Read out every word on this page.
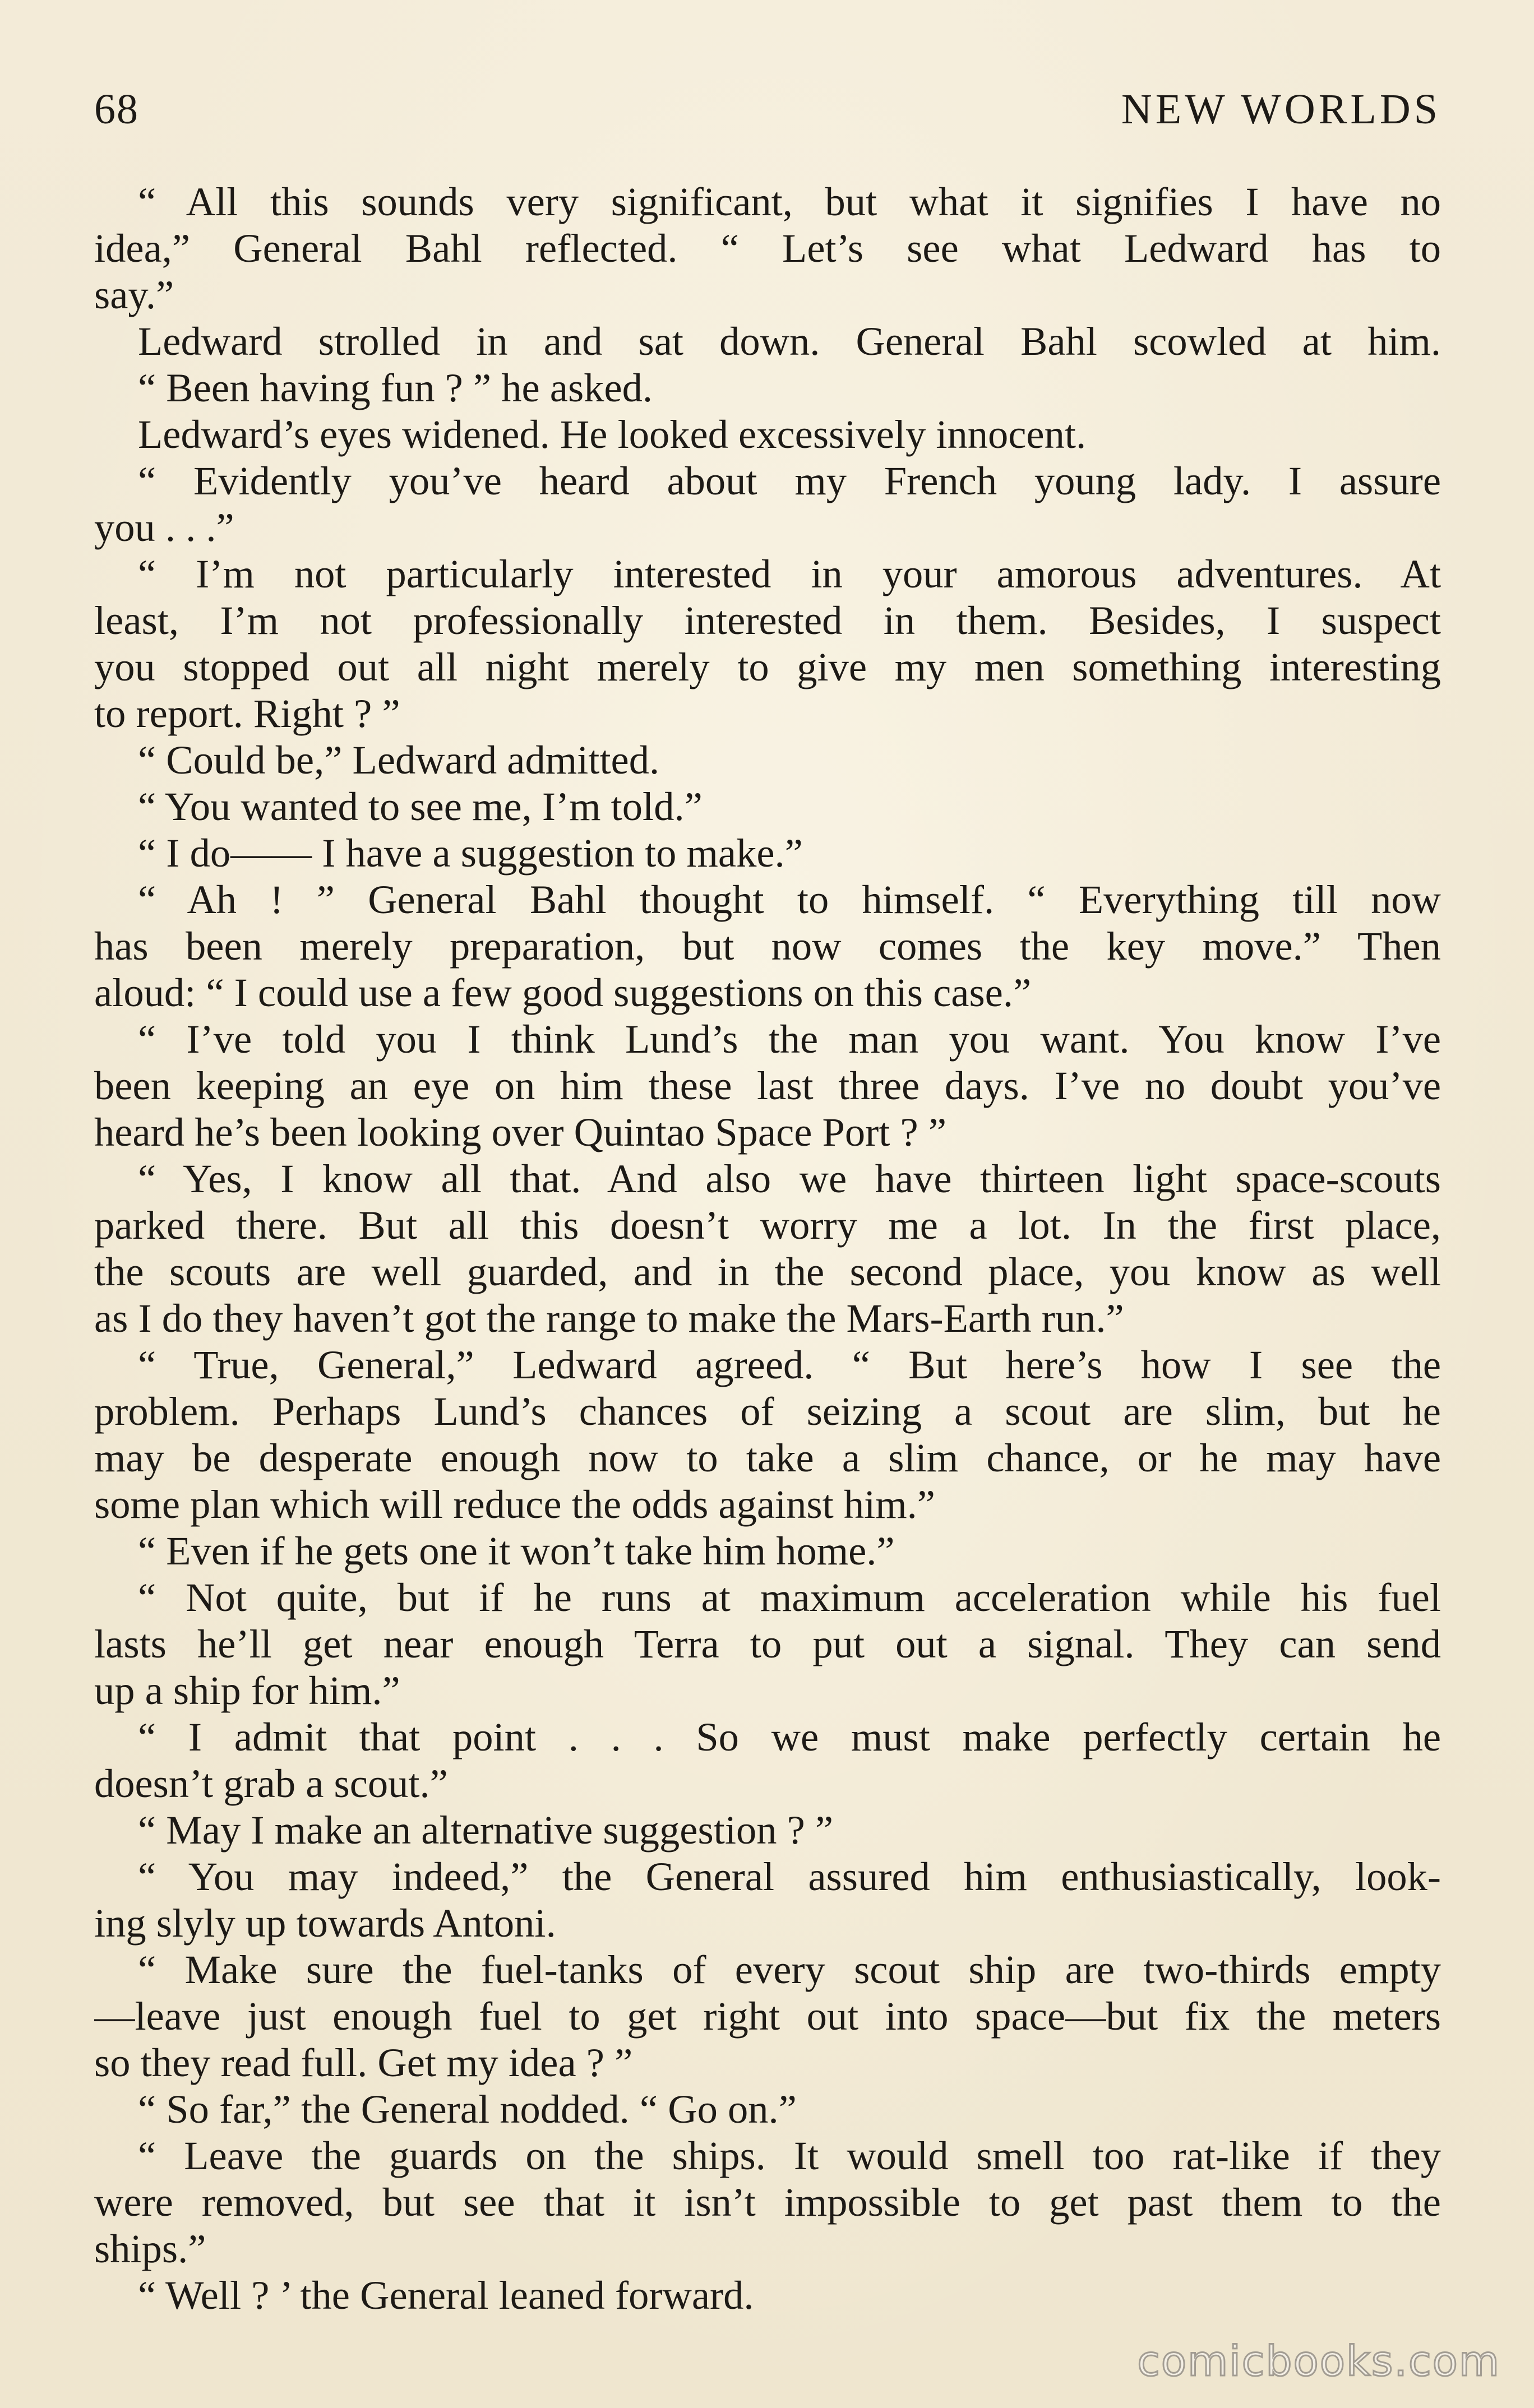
68	NEW WORLDS
“ All this sounds very significant, but what it signifies I have no
idea,” General Bahl reflected. “ Let’s see what Ledward has to
say.”
Ledward strolled in and sat down. General Bahl scowled at him.
“ Been having fun ? ” he asked.
Ledward’s eyes widened. He looked excessively innocent.
“ Evidently you’ve heard about my French young lady. I assure
you . . .”
“ I’m not particularly interested in your amorous adventures. At
least, I’m not professionally interested in them. Besides, I suspect
you stopped out all night merely to give my men something interesting
to report. Right ? ”
“ Could be,” Ledward admitted.
“ You wanted to see me, I’m told.”
“ I do—— I have a suggestion to make.”
“ Ah ! ” General Bahl thought to himself. “ Everything till now
has been merely preparation, but now comes the key move.” Then
aloud: “ I could use a few good suggestions on this case.”
“ I’ve told you I think Lund’s the man you want. You know I’ve
been keeping an eye on him these last three days. I’ve no doubt you’ve
heard he’s been looking over Quintao Space Port ? ”
“ Yes, I know all that. And also we have thirteen light space-scouts
parked there. But all this doesn’t worry me a lot. In the first place,
the scouts are well guarded, and in the second place, you know as well
as I do they haven’t got the range to make the Mars-Earth run.”
“ True, General,” Ledward agreed. “ But here’s how I see the
problem. Perhaps Lund’s chances of seizing a scout are slim, but he
may be desperate enough now to take a slim chance, or he may have
some plan which will reduce the odds against him.”
“ Even if he gets one it won’t take him home.”
“ Not quite, but if he runs at maximum acceleration while his fuel
lasts he’ll get near enough Terra to put out a signal. They can send
up a ship for him.”
“ I admit that point . . . So we must make perfectly certain he
doesn’t grab a scout.”
“ May I make an alternative suggestion ? ”
“ You may indeed,” the General assured him enthusiastically, look-
ing slyly up towards Antoni.
“ Make sure the fuel-tanks of every scout ship are two-thirds empty
—leave just enough fuel to get right out into space—but fix the meters
so they read full. Get my idea ? ”
“ So far,” the General nodded. “ Go on.”
“ Leave the guards on the ships. It would smell too rat-like if they
were removed, but see that it isn’t impossible to get past them to the
ships.”
“ Well ? ’ the General leaned forward.
comicbooks.com
